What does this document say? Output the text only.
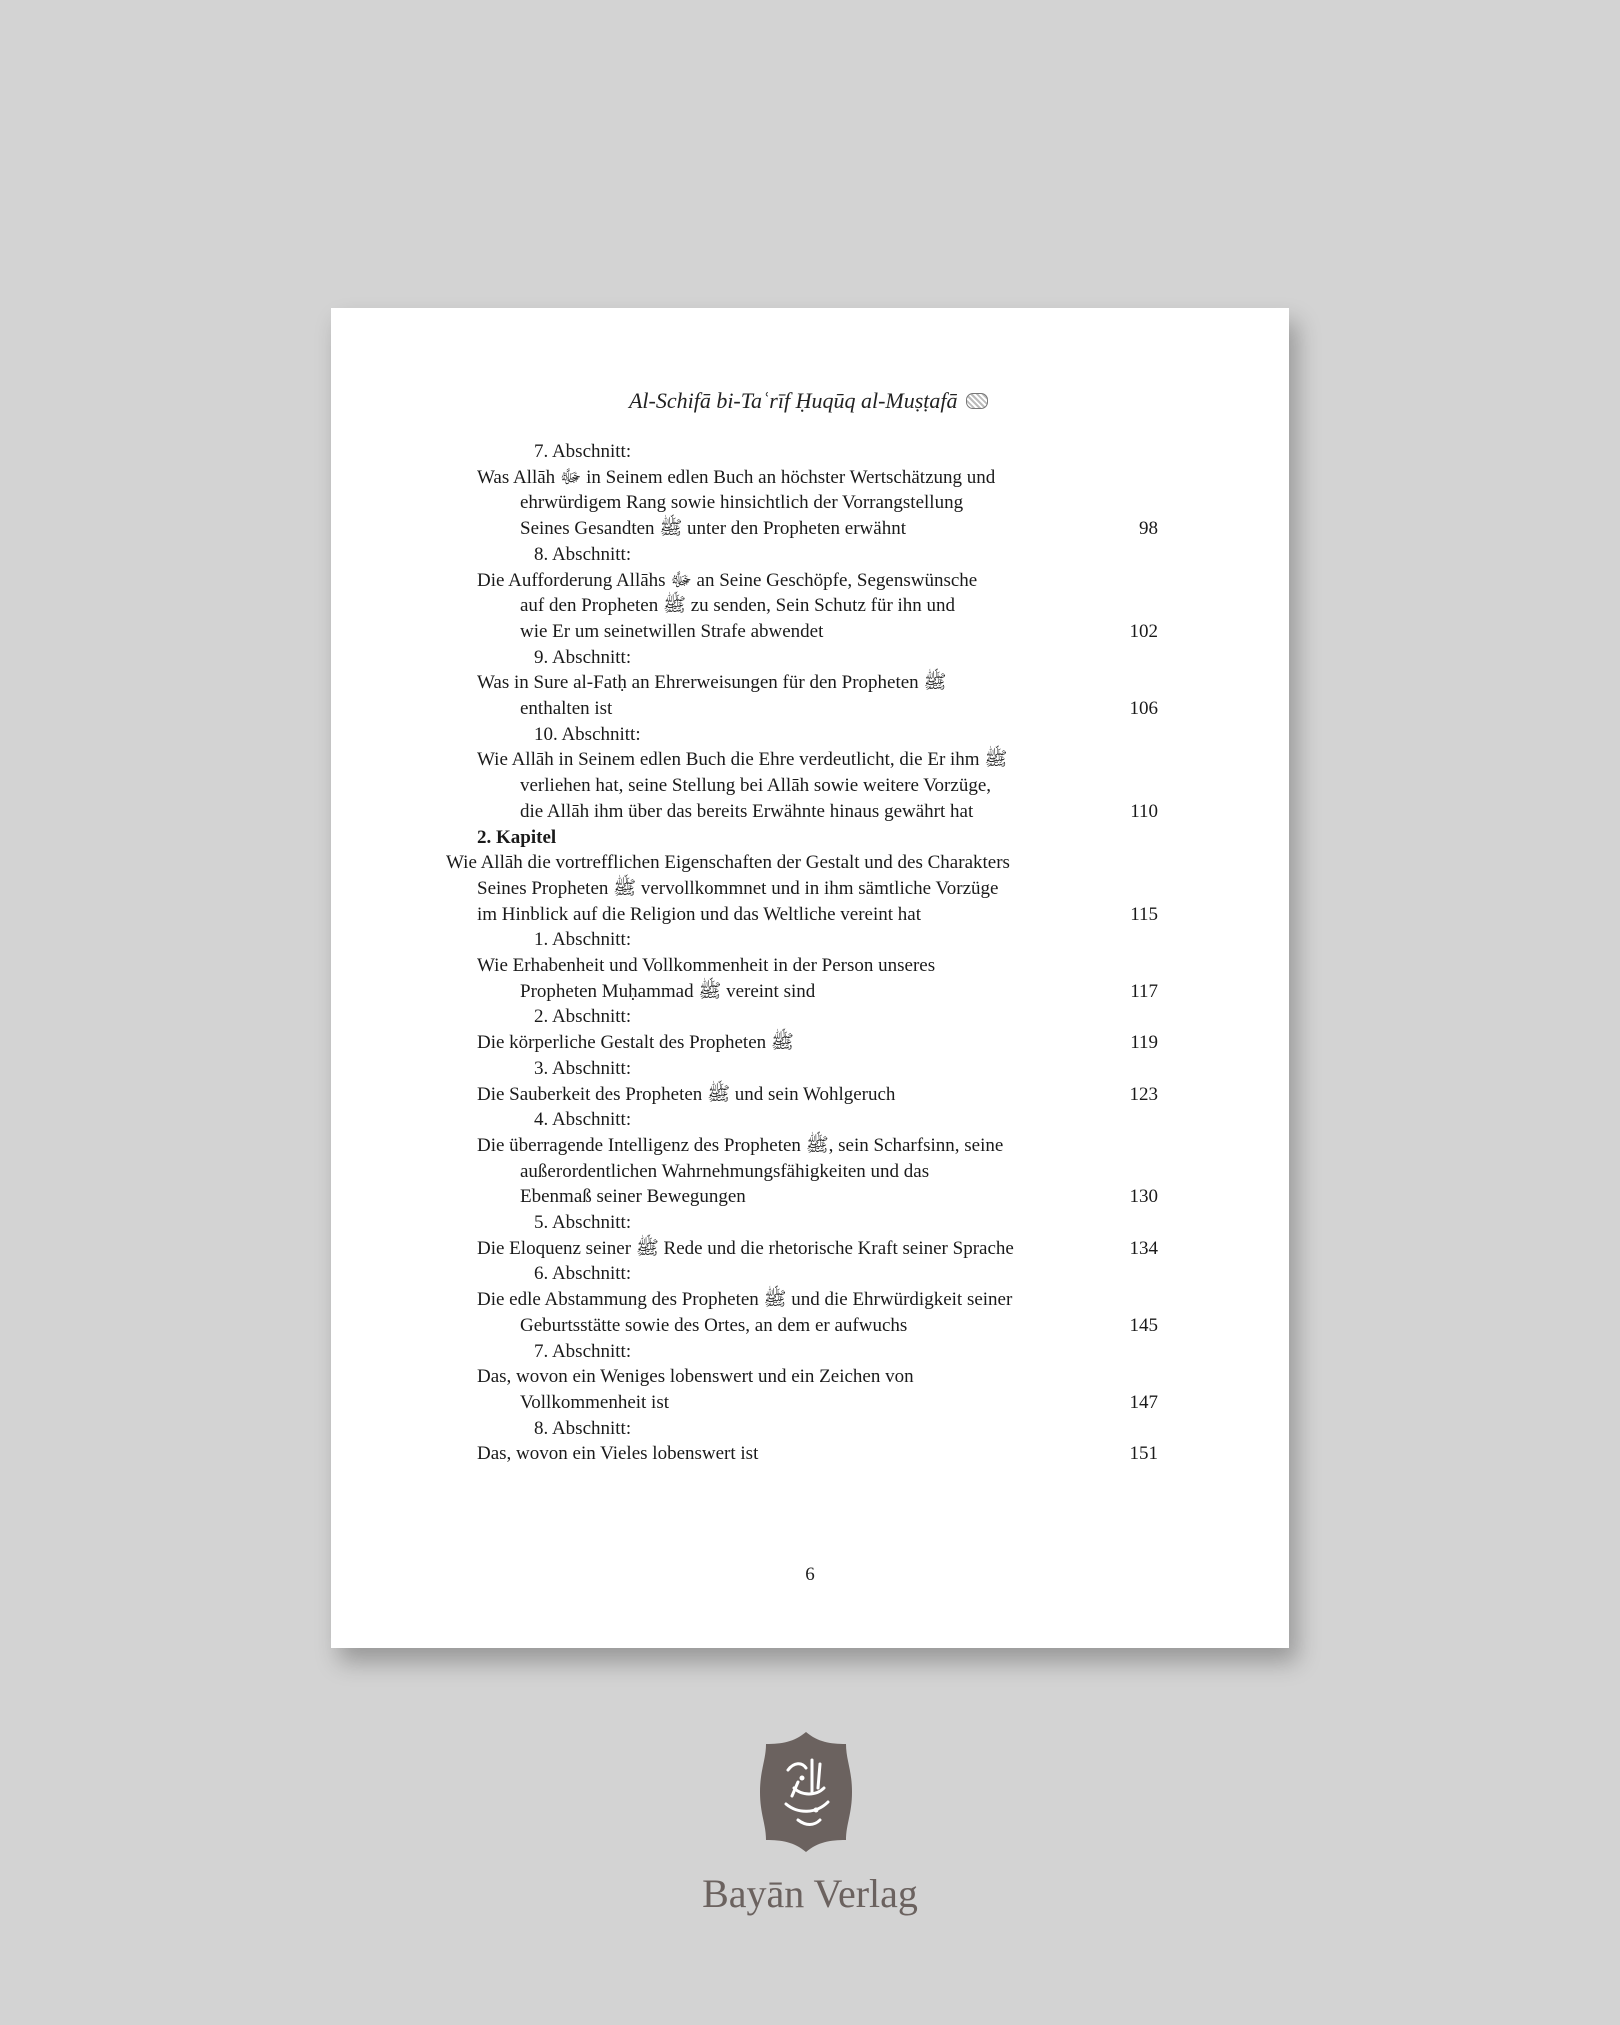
Al-Schifā bi-Taʿrīf Ḥuqūq al-Muṣṭafā
7. Abschnitt:
Was Allāh ﷻ in Seinem edlen Buch an höchster Wertschätzung und
ehrwürdigem Rang sowie hinsichtlich der Vorrangstellung
Seines Gesandten ﷺ unter den Propheten erwähnt	98
8. Abschnitt:
Die Aufforderung Allāhs ﷻ an Seine Geschöpfe, Segenswünsche
auf den Propheten ﷺ zu senden, Sein Schutz für ihn und
wie Er um seinetwillen Strafe abwendet	102
9. Abschnitt:
Was in Sure al-Fatḥ an Ehrerweisungen für den Propheten ﷺ
enthalten ist	106
10. Abschnitt:
Wie Allāh in Seinem edlen Buch die Ehre verdeutlicht, die Er ihm ﷺ
verliehen hat, seine Stellung bei Allāh sowie weitere Vorzüge,
die Allāh ihm über das bereits Erwähnte hinaus gewährt hat	110
2. Kapitel
Wie Allāh die vortrefflichen Eigenschaften der Gestalt und des Charakters
Seines Propheten ﷺ vervollkommnet und in ihm sämtliche Vorzüge
im Hinblick auf die Religion und das Weltliche vereint hat	115
1. Abschnitt:
Wie Erhabenheit und Vollkommenheit in der Person unseres
Propheten Muḥammad ﷺ vereint sind	117
2. Abschnitt:
Die körperliche Gestalt des Propheten ﷺ	119
3. Abschnitt:
Die Sauberkeit des Propheten ﷺ und sein Wohlgeruch	123
4. Abschnitt:
Die überragende Intelligenz des Propheten ﷺ, sein Scharfsinn, seine
außerordentlichen Wahrnehmungsfähigkeiten und das
Ebenmaß seiner Bewegungen	130
5. Abschnitt:
Die Eloquenz seiner ﷺ Rede und die rhetorische Kraft seiner Sprache	134
6. Abschnitt:
Die edle Abstammung des Propheten ﷺ und die Ehrwürdigkeit seiner
Geburtsstätte sowie des Ortes, an dem er aufwuchs	145
7. Abschnitt:
Das, wovon ein Weniges lobenswert und ein Zeichen von
Vollkommenheit ist	147
8. Abschnitt:
Das, wovon ein Vieles lobenswert ist	151
6
Bayān Verlag
